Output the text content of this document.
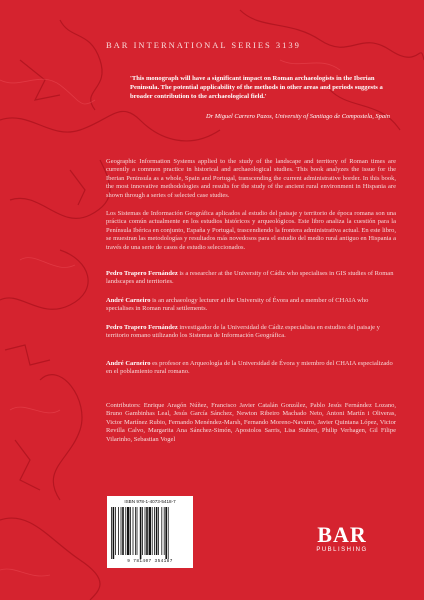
BAR INTERNATIONAL SERIES 3139
'This monograph will have a significant impact on Roman archaeologists in the Iberian Peninsula. The potential applicability of the methods in other areas and periods suggests a broader contribution to the archaeological field.'
Dr Miguel Carrero Pazos, University of Santiago de Compostela, Spain
Geographic Information Systems applied to the study of the landscape and territory of Roman times are currently a common practice in historical and archaeological studies. This book analyzes the issue for the Iberian Peninsula as a whole, Spain and Portugal, transcending the current administrative border. In this book, the most innovative methodologies and results for the study of the ancient rural environment in Hispania are shown through a series of selected case studies.
Los Sistemas de Información Geográfica aplicados al estudio del paisaje y territorio de época romana son una práctica común actualmente en los estudios históricos y arqueológicos. Este libro analiza la cuestión para la Península Ibérica en conjunto, España y Portugal, trascendiendo la frontera administrativa actual. En este libro, se muestran las metodologías y resultados más novedosos para el estudio del medio rural antiguo en Hispania a través de una serie de casos de estudio seleccionados.
Pedro Trapero Fernández is a researcher at the University of Cádiz who specialises in GIS studies of Roman landscapes and territories.
André Carneiro is an archaeology lecturer at the University of Évora and a member of CHAIA who specialises in Roman rural settlements.
Pedro Trapero Fernández investigador de la Universidad de Cádiz especialista en estudios del paisaje y territorio romano utilizando los Sistemas de Información Geográfica.
André Carneiro es profesor en Arqueología de la Universidad de Évora y miembro del CHAIA especializado en el poblamiento rural romano.
Contributors: Enrique Aragón Núñez, Francisco Javier Catalán González, Pablo Jesús Fernández Lozano, Bruno Gambinhas Leal, Jesús García Sánchez, Newton Ribeiro Machado Neto, Antoni Martín i Oliveras, Victor Martínez Rubio, Fernando Menéndez-Marsh, Fernando Moreno-Navarro, Javier Quintana López, Victor Revilla Calvo, Margarita Ana Sánchez-Simón, Apostolos Sarris, Lisa Stubert, Philip Verhagen, Gil Filipe Vilarinho, Sebastian Vogel
ISBN 978-1-4073-5418-7
9 781407 354187
BAR
PUBLISHING
